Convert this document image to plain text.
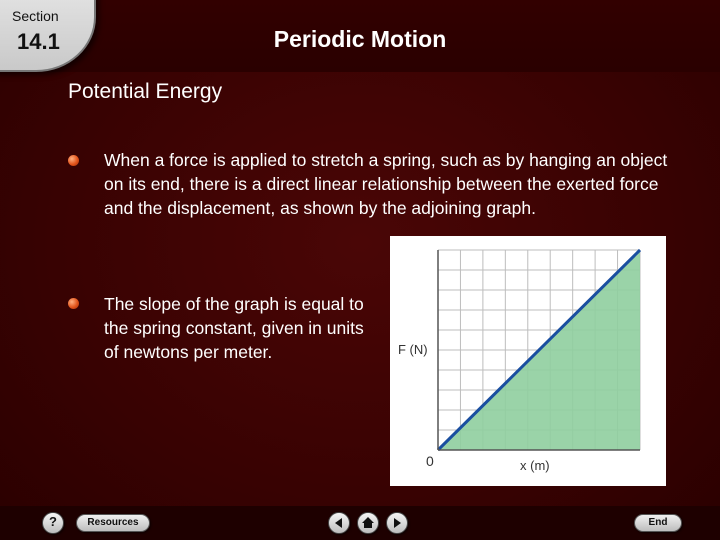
Section
14.1	Periodic Motion
Potential Energy
When a force is applied to stretch a spring, such as by hanging an object on its end, there is a direct linear relationship between the exerted force and the displacement, as shown by the adjoining graph.
The slope of the graph is equal to the spring constant, given in units of newtons per meter.	F (N)
x (m)
0
?	Resources	End
